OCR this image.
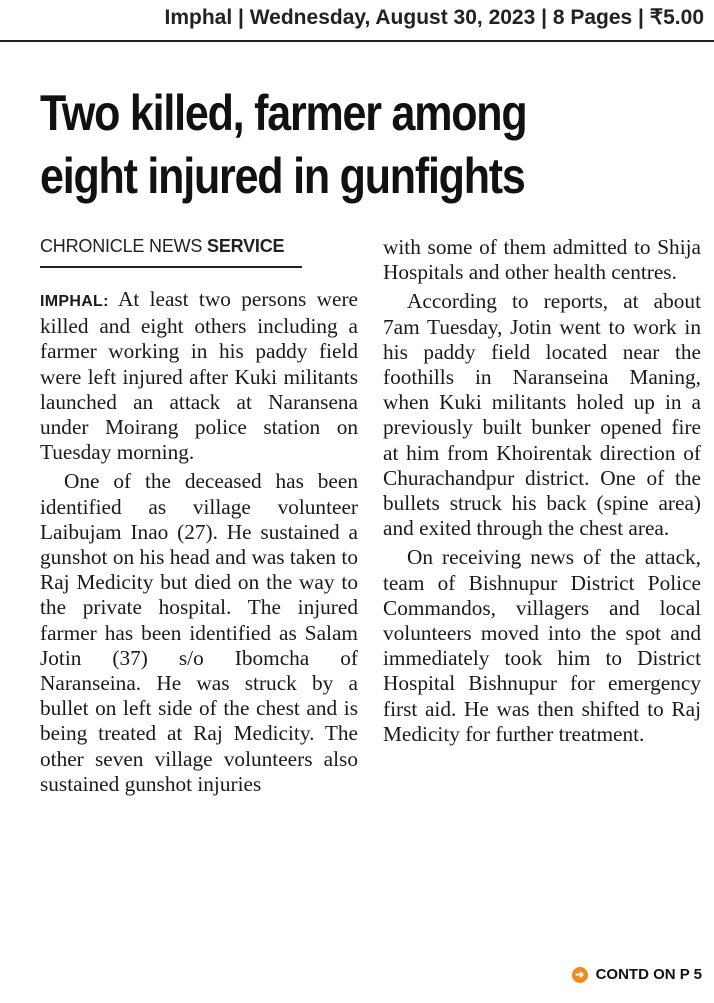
Imphal | Wednesday, August 30, 2023 | 8 Pages | ₹5.00
Two killed, farmer among
eight injured in gunfights
CHRONICLE NEWS SERVICE

IMPHAL: At least two persons were killed and eight others including a farmer working in his paddy field were left injured after Kuki militants launched an attack at Naransena under Moirang police station on Tuesday morning.

One of the deceased has been identified as village volunteer Laibujam Inao (27). He sustained a gunshot on his head and was taken to Raj Medicity but died on the way to the private hospital. The injured farmer has been identified as Salam Jotin (37) s/o Ibomcha of Naranseina. He was struck by a bullet on left side of the chest and is being treated at Raj Medicity. The other seven village volunteers also sustained gunshot injuries

with some of them admitted to Shija Hospitals and other health centres.

According to reports, at about 7am Tuesday, Jotin went to work in his paddy field located near the foothills in Naranseina Maning, when Kuki militants holed up in a previously built bunker opened fire at him from Khoirentak direction of Churachandpur district. One of the bullets struck his back (spine area) and exited through the chest area.

On receiving news of the attack, team of Bishnupur District Police Commandos, villagers and local volunteers moved into the spot and immediately took him to District Hospital Bishnupur for emergency first aid. He was then shifted to Raj Medicity for further treatment.

➜ CONTD ON P 5
